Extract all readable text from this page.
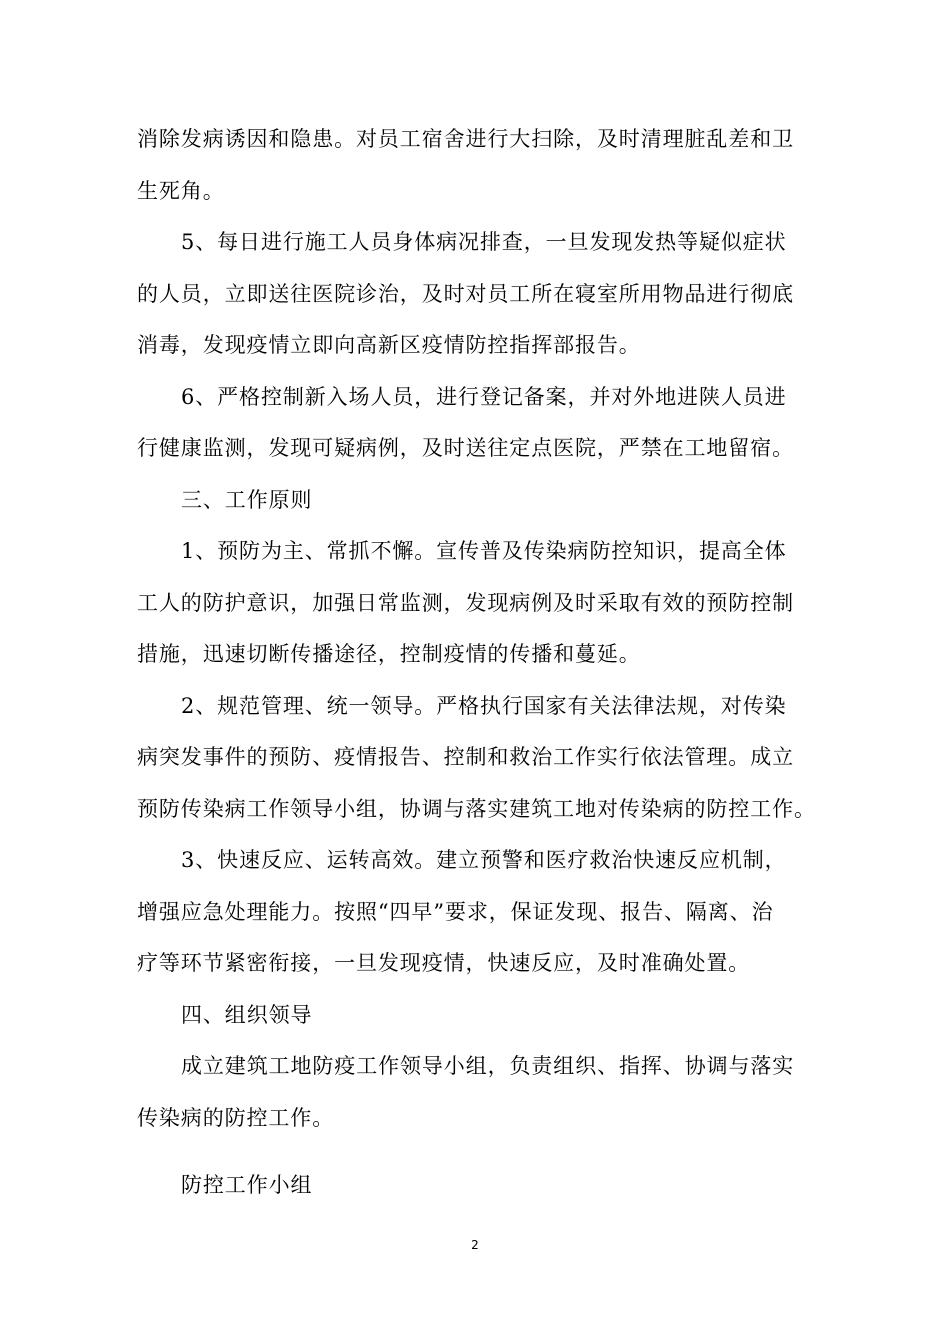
消除发病诱因和隐患。对员工宿舍进行大扫除，及时清理脏乱差和卫
生死角。

5、每日进行施工人员身体病况排查，一旦发现发热等疑似症状
的人员，立即送往医院诊治，及时对员工所在寝室所用物品进行彻底
消毒，发现疫情立即向高新区疫情防控指挥部报告。

6、严格控制新入场人员，进行登记备案，并对外地进陕人员进
行健康监测，发现可疑病例，及时送往定点医院，严禁在工地留宿。

三、工作原则

1、预防为主、常抓不懈。宣传普及传染病防控知识，提高全体
工人的防护意识，加强日常监测，发现病例及时采取有效的预防控制
措施，迅速切断传播途径，控制疫情的传播和蔓延。

2、规范管理、统一领导。严格执行国家有关法律法规，对传染
病突发事件的预防、疫情报告、控制和救治工作实行依法管理。成立
预防传染病工作领导小组，协调与落实建筑工地对传染病的防控工作。

3、快速反应、运转高效。建立预警和医疗救治快速反应机制，
增强应急处理能力。按照“四早”要求，保证发现、报告、隔离、治
疗等环节紧密衔接，一旦发现疫情，快速反应，及时准确处置。

四、组织领导

成立建筑工地防疫工作领导小组，负责组织、指挥、协调与落实
传染病的防控工作。

防控工作小组

2
